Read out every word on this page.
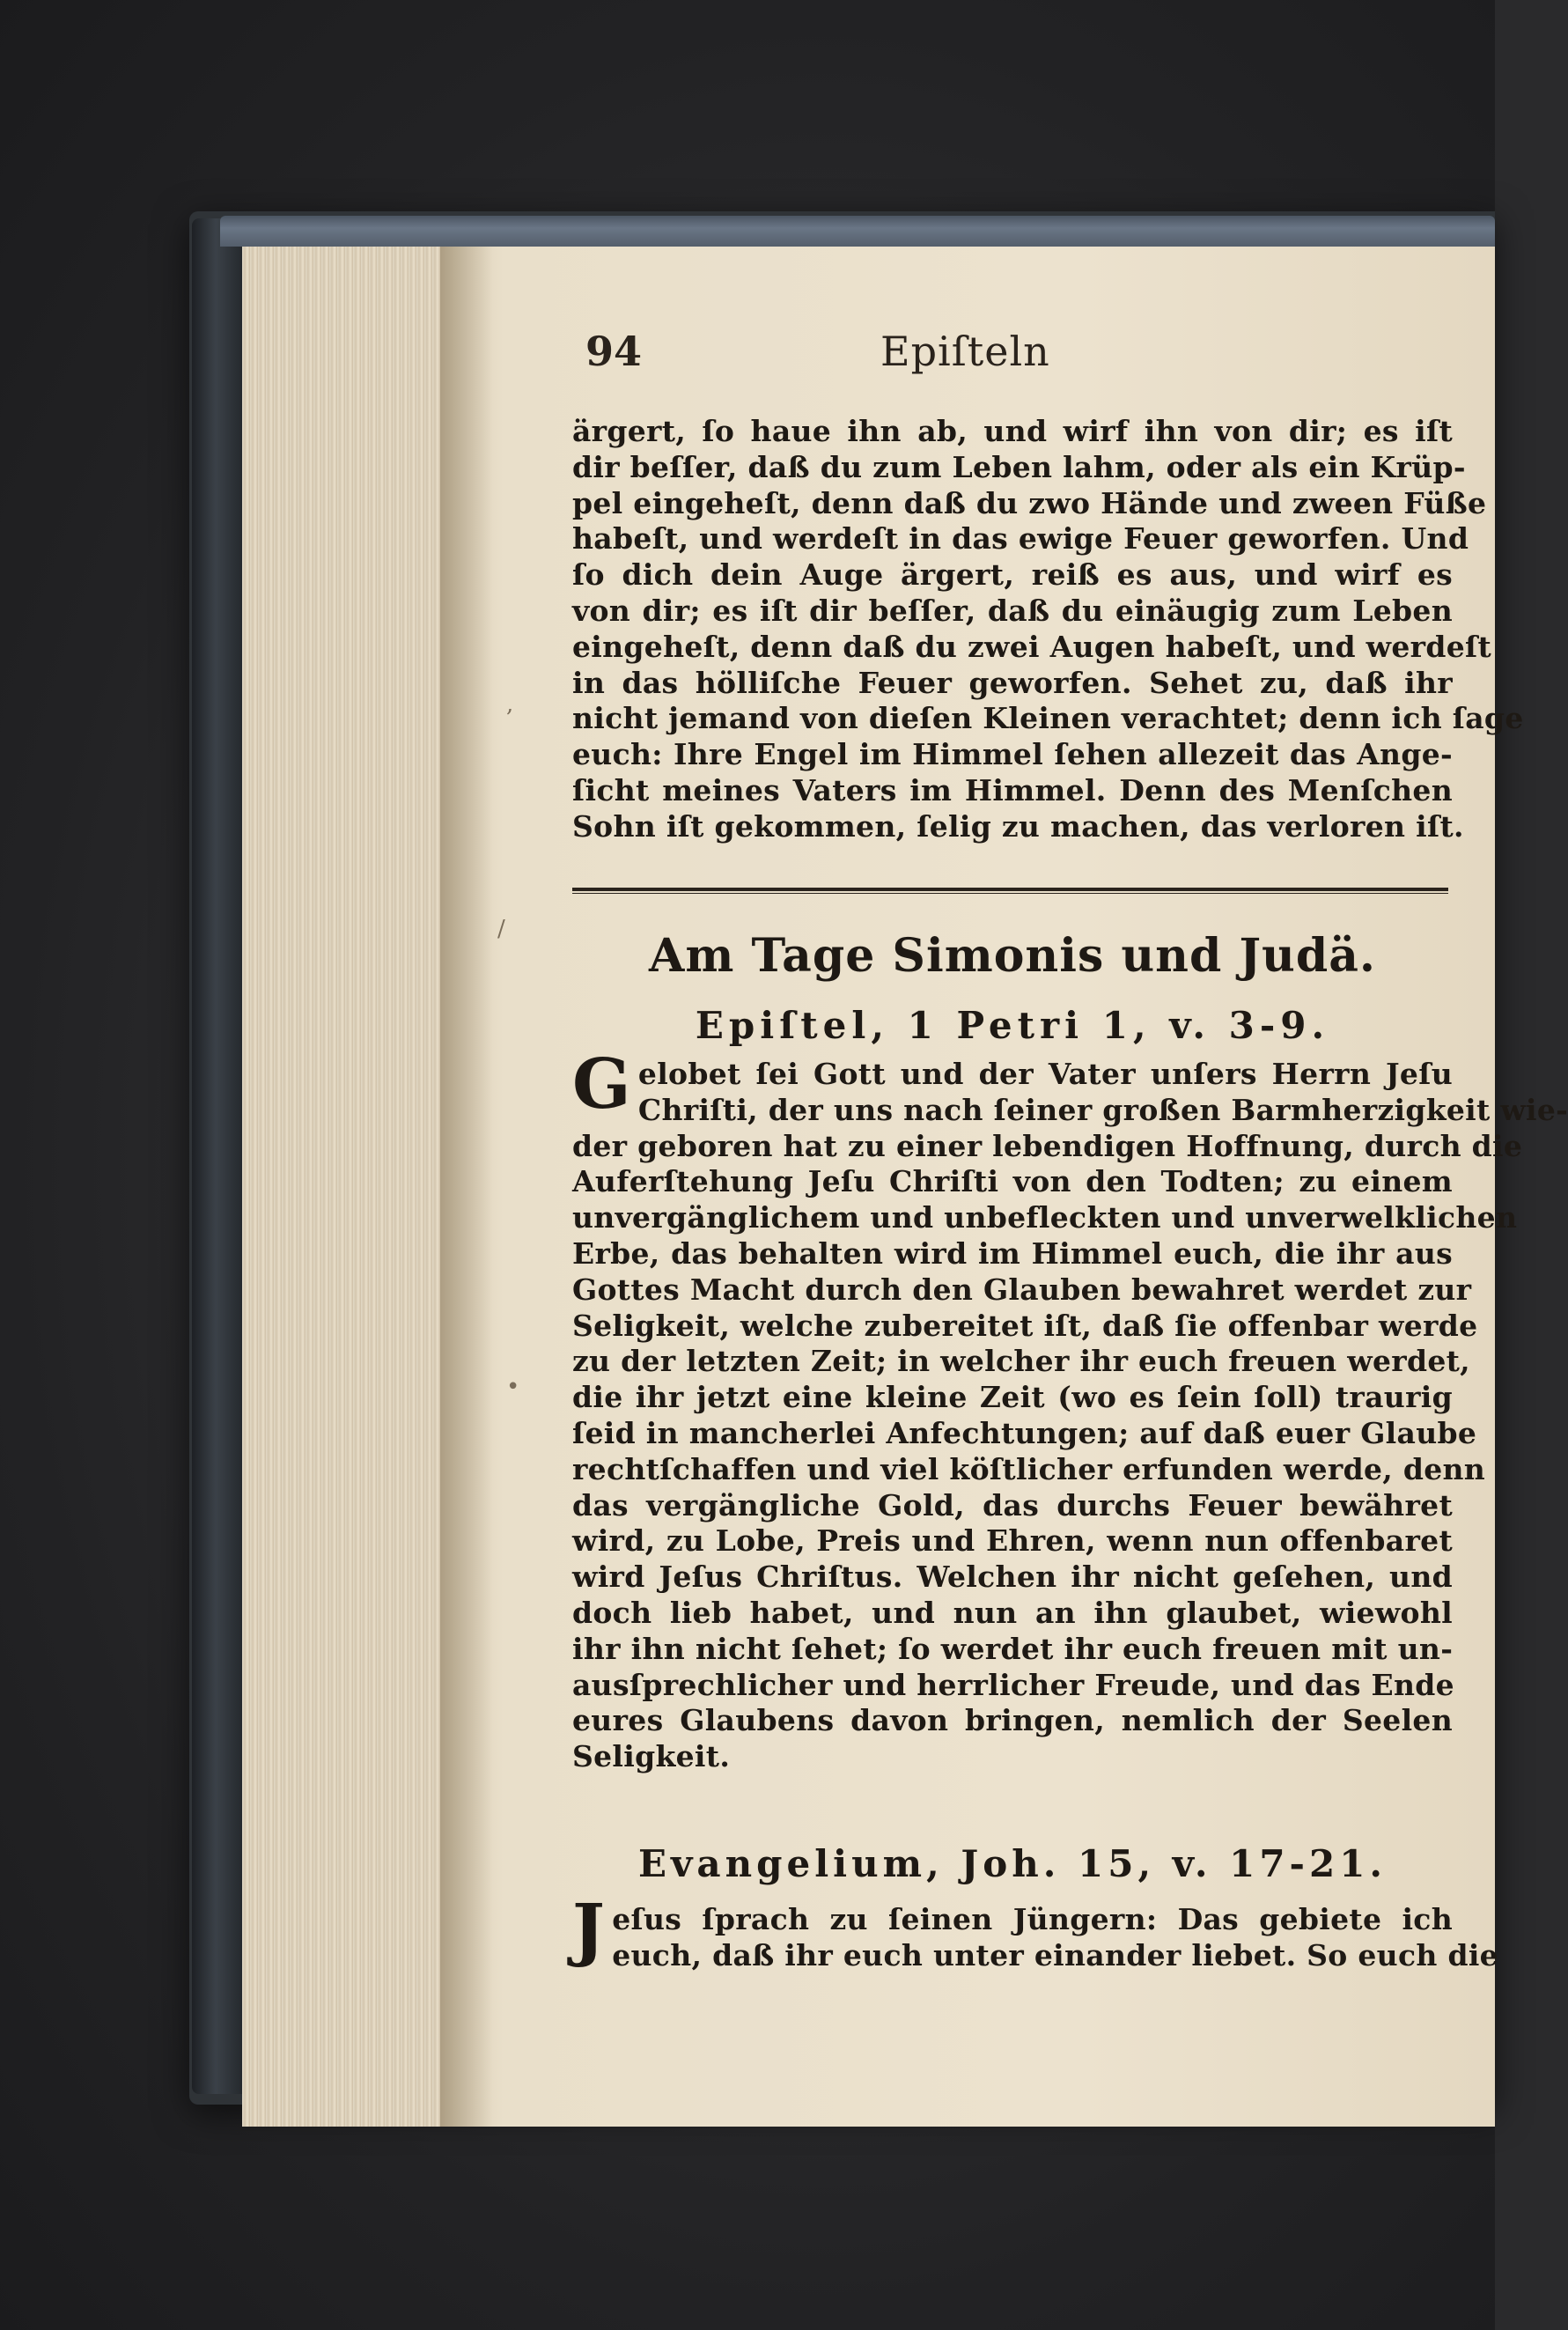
,
/
•
94	Epiſteln
ärgert, ſo haue ihn ab, und wirf ihn von dir; es iſt
dir beſſer, daß du zum Leben lahm, oder als ein Krüp-
pel eingeheſt, denn daß du zwo Hände und zween Füße
habeſt, und werdeſt in das ewige Feuer geworfen. Und
ſo dich dein Auge ärgert, reiß es aus, und wirf es
von dir; es iſt dir beſſer, daß du einäugig zum Leben
eingeheſt, denn daß du zwei Augen habeſt, und werdeſt
in das hölliſche Feuer geworfen. Sehet zu, daß ihr
nicht jemand von dieſen Kleinen verachtet; denn ich ſage
euch: Ihre Engel im Himmel ſehen allezeit das Ange-
ſicht meines Vaters im Himmel. Denn des Menſchen
Sohn iſt gekommen, ſelig zu machen, das verloren iſt.
Am Tage Simonis und Judä.
Epiſtel, 1 Petri 1, v. 3-9.
Gelobet ſei Gott und der Vater unſers Herrn Jeſu
Chriſti, der uns nach ſeiner großen Barmherzigkeit wie-
der geboren hat zu einer lebendigen Hoffnung, durch die
Auferſtehung Jeſu Chriſti von den Todten; zu einem
unvergänglichem und unbefleckten und unverwelklichen
Erbe, das behalten wird im Himmel euch, die ihr aus
Gottes Macht durch den Glauben bewahret werdet zur
Seligkeit, welche zubereitet iſt, daß ſie offenbar werde
zu der letzten Zeit; in welcher ihr euch freuen werdet,
die ihr jetzt eine kleine Zeit (wo es ſein ſoll) traurig
ſeid in mancherlei Anfechtungen; auf daß euer Glaube
rechtſchaffen und viel köſtlicher erfunden werde, denn
das vergängliche Gold, das durchs Feuer bewähret
wird, zu Lobe, Preis und Ehren, wenn nun offenbaret
wird Jeſus Chriſtus. Welchen ihr nicht geſehen, und
doch lieb habet, und nun an ihn glaubet, wiewohl
ihr ihn nicht ſehet; ſo werdet ihr euch freuen mit un-
ausſprechlicher und herrlicher Freude, und das Ende
eures Glaubens davon bringen, nemlich der Seelen
Seligkeit.
Evangelium, Joh. 15, v. 17-21.
Jeſus ſprach zu ſeinen Jüngern: Das gebiete ich
euch, daß ihr euch unter einander liebet. So euch die
